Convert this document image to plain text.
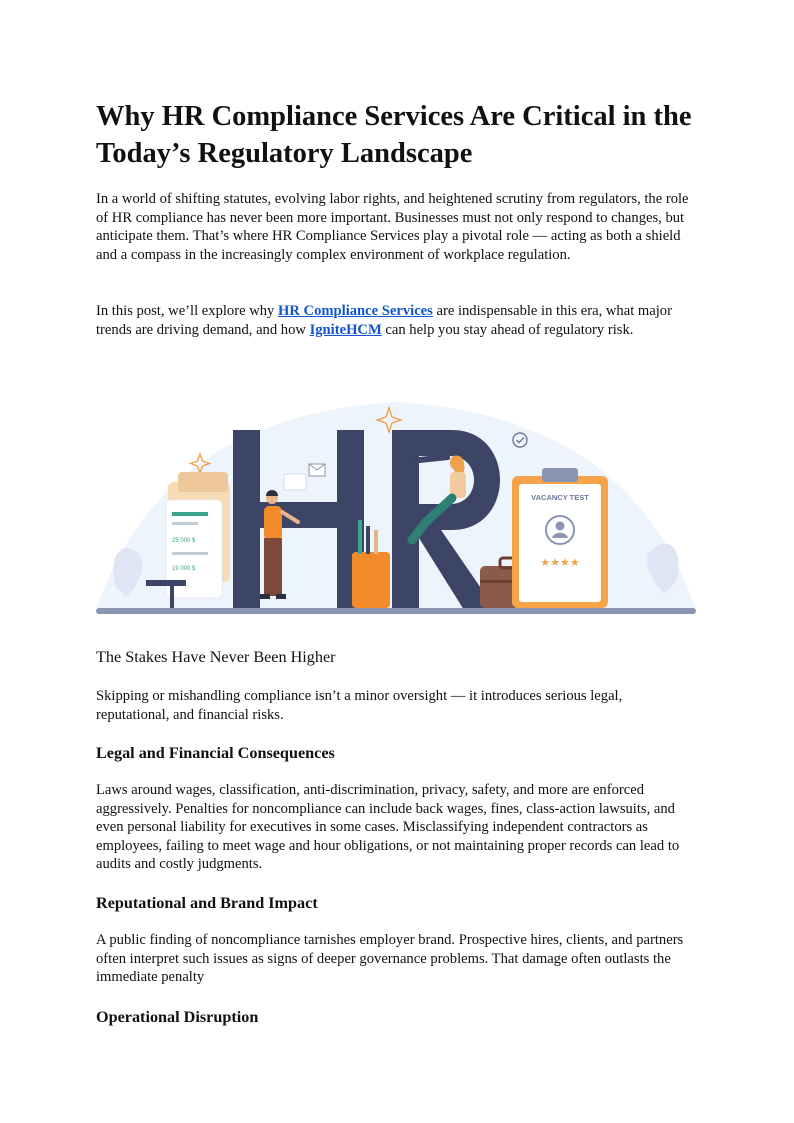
Why HR Compliance Services Are Critical in the Today’s Regulatory Landscape

In a world of shifting statutes, evolving labor rights, and heightened scrutiny from regulators, the role of HR compliance has never been more important. Businesses must not only respond to changes, but anticipate them. That’s where HR Compliance Services play a pivotal role — acting as both a shield and a compass in the increasingly complex environment of workplace regulation.

In this post, we’ll explore why HR Compliance Services are indispensable in this era, what major trends are driving demand, and how IgniteHCM can help you stay ahead of regulatory risk.

25 000 $
19 000 $
VACANCY TEST
★★★★
The Stakes Have Never Been Higher

Skipping or mishandling compliance isn’t a minor oversight — it introduces serious legal, reputational, and financial risks.

Legal and Financial Consequences

Laws around wages, classification, anti-discrimination, privacy, safety, and more are enforced aggressively. Penalties for noncompliance can include back wages, fines, class-action lawsuits, and even personal liability for executives in some cases. Misclassifying independent contractors as employees, failing to meet wage and hour obligations, or not maintaining proper records can lead to audits and costly judgments.

Reputational and Brand Impact

A public finding of noncompliance tarnishes employer brand. Prospective hires, clients, and partners often interpret such issues as signs of deeper governance problems. That damage often outlasts the immediate penalty

Operational Disruption
